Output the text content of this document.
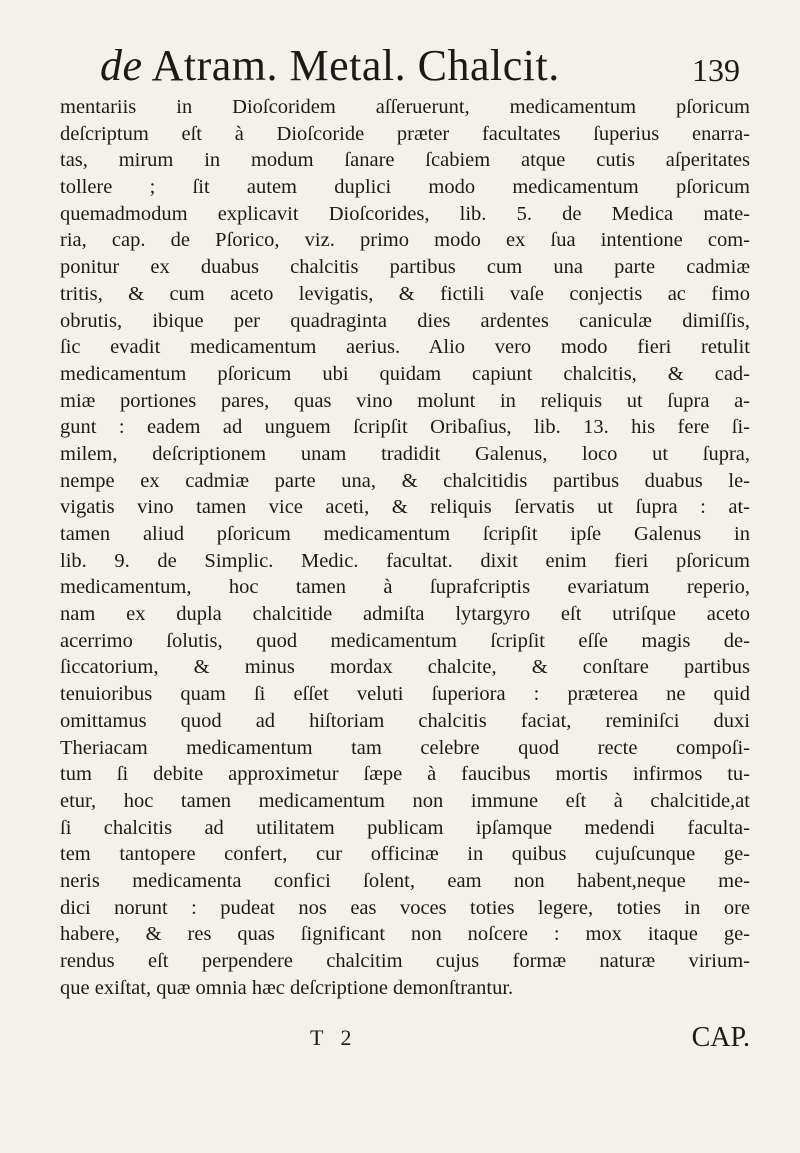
de Atram. Metal. Chalcit.	139
mentariis in Dioſcoridem aſſeruerunt, medicamentum pſoricum
deſcriptum eſt à Dioſcoride præter facultates ſuperius enarra-
tas, mirum in modum ſanare ſcabiem atque cutis aſperitates
tollere ; ſit autem duplici modo medicamentum pſoricum
quemadmodum explicavit Dioſcorides, lib. 5. de Medica mate-
ria, cap. de Pſorico, viz. primo modo ex ſua intentione com-
ponitur ex duabus chalcitis partibus cum una parte cadmiæ
tritis, & cum aceto levigatis, & fictili vaſe conjectis ac fimo
obrutis, ibique per quadraginta dies ardentes caniculæ dimiſſis,
ſic evadit medicamentum aerius. Alio vero modo fieri retulit
medicamentum pſoricum ubi quidam capiunt chalcitis, & cad-
miæ portiones pares, quas vino molunt in reliquis ut ſupra a-
gunt : eadem ad unguem ſcripſit Oribaſius, lib. 13. his fere ſi-
milem, deſcriptionem unam tradidit Galenus, loco ut ſupra,
nempe ex cadmiæ parte una, & chalcitidis partibus duabus le-
vigatis vino tamen vice aceti, & reliquis ſervatis ut ſupra : at-
tamen aliud pſoricum medicamentum ſcripſit ipſe Galenus in
lib. 9. de Simplic. Medic. facultat. dixit enim fieri pſoricum
medicamentum, hoc tamen à ſuprafcriptis evariatum reperio,
nam ex dupla chalcitide admiſta lytargyro eſt utriſque aceto
acerrimo ſolutis, quod medicamentum ſcripſit eſſe magis de-
ſiccatorium, & minus mordax chalcite, & conſtare partibus
tenuioribus quam ſi eſſet veluti ſuperiora : præterea ne quid
omittamus quod ad hiſtoriam chalcitis faciat, reminiſci duxi
Theriacam medicamentum tam celebre quod recte compoſi-
tum ſi debite approximetur ſæpe à faucibus mortis infirmos tu-
etur, hoc tamen medicamentum non immune eſt à chalcitide,at
ſi chalcitis ad utilitatem publicam ipſamque medendi faculta-
tem tantopere confert, cur officinæ in quibus cujuſcunque ge-
neris medicamenta confici ſolent, eam non habent,neque me-
dici norunt : pudeat nos eas voces toties legere, toties in ore
habere, & res quas ſignificant non noſcere : mox itaque ge-
rendus eſt perpendere chalcitim cujus formæ naturæ virium-
que exiſtat, quæ omnia hæc deſcriptione demonſtrantur.
T 2	CAP.
